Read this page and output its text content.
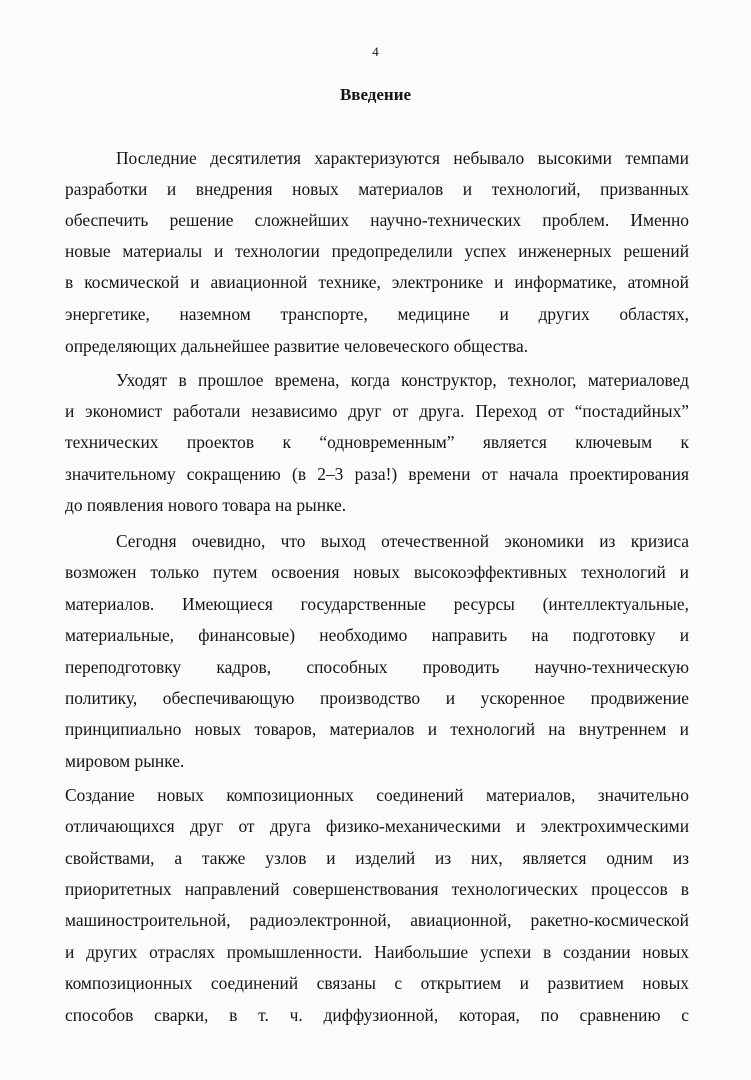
4
Введение
Последние десятилетия характеризуются небывало высокими темпами
разработки и внедрения новых материалов и технологий, призванных
обеспечить решение сложнейших научно-технических проблем. Именно
новые материалы и технологии предопределили успех инженерных решений
в космической и авиационной технике, электронике и информатике, атомной
энергетике, наземном транспорте, медицине и других областях,
определяющих дальнейшее развитие человеческого общества.
Уходят в прошлое времена, когда конструктор, технолог, материаловед
и экономист работали независимо друг от друга. Переход от “постадийных”
технических проектов к “одновременным” является ключевым к
значительному сокращению (в 2–3 раза!) времени от начала проектирования
до появления нового товара на рынке.
Сегодня очевидно, что выход отечественной экономики из кризиса
возможен только путем освоения новых высокоэффективных технологий и
материалов. Имеющиеся государственные ресурсы (интеллектуальные,
материальные, финансовые) необходимо направить на подготовку и
переподготовку кадров, способных проводить научно-техническую
политику, обеспечивающую производство и ускоренное продвижение
принципиально новых товаров, материалов и технологий на внутреннем и
мировом рынке.
Создание новых композиционных соединений материалов, значительно
отличающихся друг от друга физико-механическими и электрохимческими
свойствами, а также узлов и изделий из них, является одним из
приоритетных направлений совершенствования технологических процессов в
машиностроительной, радиоэлектронной, авиационной, ракетно-космической
и других отраслях промышленности. Наибольшие успехи в создании новых
композиционных соединений связаны с открытием и развитием новых
способов сварки, в т. ч. диффузионной, которая, по сравнению с
